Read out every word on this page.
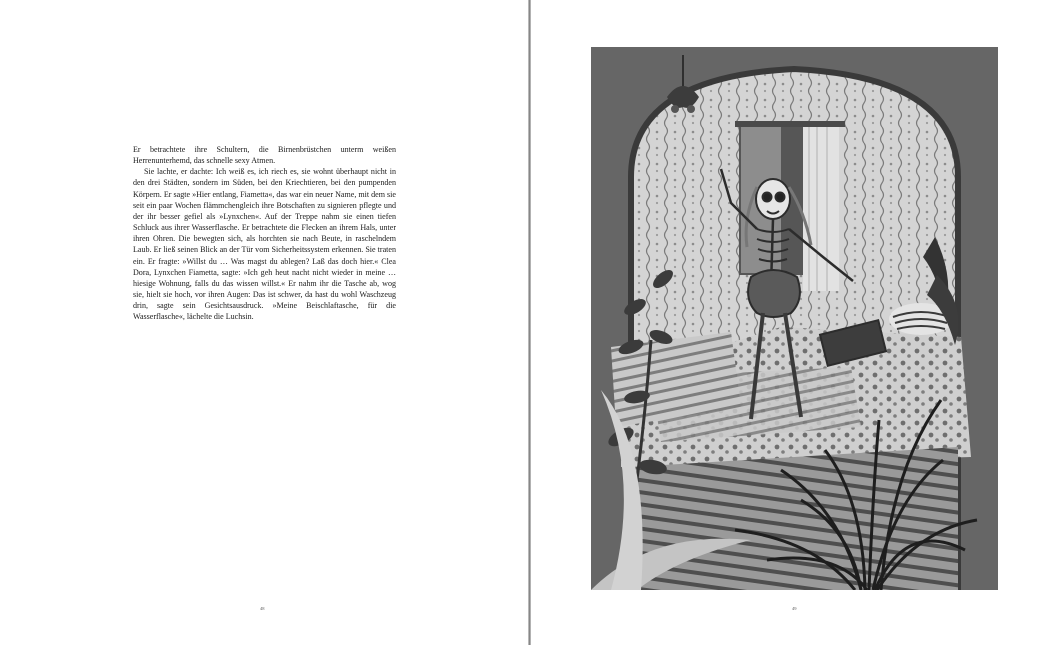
Er betrachtete ihre Schultern, die Birnenbrüstchen unterm weißen Herrenunterhemd, das schnelle sexy Atmen.

Sie lachte, er dachte: Ich weiß es, ich riech es, sie wohnt überhaupt nicht in den drei Städten, sondern im Süden, bei den Kriechtieren, bei den pumpenden Körpern. Er sagte »Hier entlang, Fiametta«, das war ein neuer Name, mit dem sie seit ein paar Wochen flämmchengleich ihre Botschaften zu signieren pflegte und der ihr besser gefiel als »Lynxchen«. Auf der Treppe nahm sie einen tiefen Schluck aus ihrer Wasserflasche. Er betrachtete die Flecken an ihrem Hals, unter ihren Ohren. Die bewegten sich, als horchten sie nach Beute, in raschelndem Laub. Er ließ seinen Blick an der Tür vom Sicherheitssystem erkennen. Sie traten ein. Er fragte: »Willst du … Was magst du ablegen? Laß das doch hier.« Clea Dora, Lynxchen Fiametta, sagte: »Ich geh heut nacht nicht wieder in meine … hiesige Wohnung, falls du das wissen willst.« Er nahm ihr die Tasche ab, wog sie, hielt sie hoch, vor ihren Augen: Das ist schwer, da hast du wohl Waschzeug drin, sagte sein Gesichtsausdruck. »Meine Beischlaftasche, für die Wasserflasche«, lächelte die Luchsin.

48	49
